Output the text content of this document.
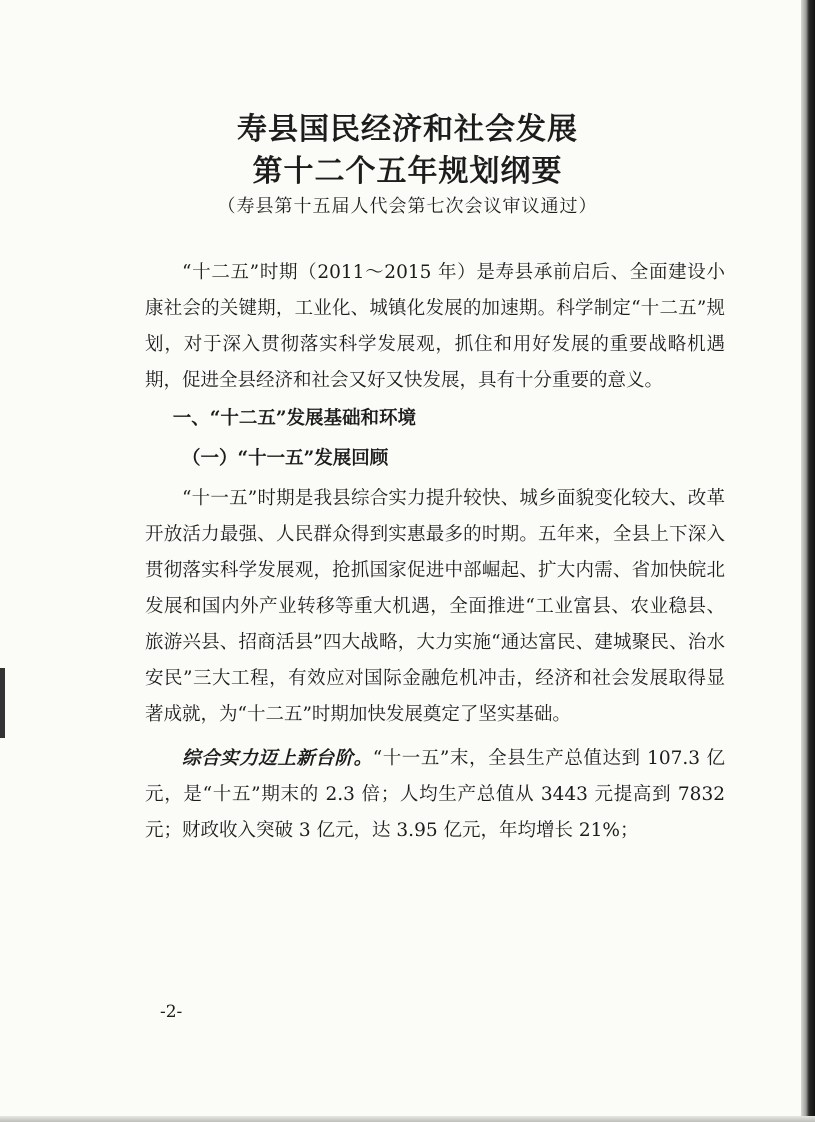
寿县国民经济和社会发展
第十二个五年规划纲要

（寿县第十五届人代会第七次会议审议通过）

“十二五”时期（2011～2015 年）是寿县承前启后、全面建设小康社会的关键期，工业化、城镇化发展的加速期。科学制定“十二五”规划，对于深入贯彻落实科学发展观，抓住和用好发展的重要战略机遇期，促进全县经济和社会又好又快发展，具有十分重要的意义。

一、“十二五”发展基础和环境

（一）“十一五”发展回顾

“十一五”时期是我县综合实力提升较快、城乡面貌变化较大、改革开放活力最强、人民群众得到实惠最多的时期。五年来，全县上下深入贯彻落实科学发展观，抢抓国家促进中部崛起、扩大内需、省加快皖北发展和国内外产业转移等重大机遇，全面推进“工业富县、农业稳县、旅游兴县、招商活县”四大战略，大力实施“通达富民、建城聚民、治水安民”三大工程，有效应对国际金融危机冲击，经济和社会发展取得显著成就，为“十二五”时期加快发展奠定了坚实基础。

综合实力迈上新台阶。“十一五”末，全县生产总值达到 107.3 亿元，是“十五”期末的 2.3 倍；人均生产总值从 3443 元提高到 7832 元；财政收入突破 3 亿元，达 3.95 亿元，年均增长 21%；

-2-
